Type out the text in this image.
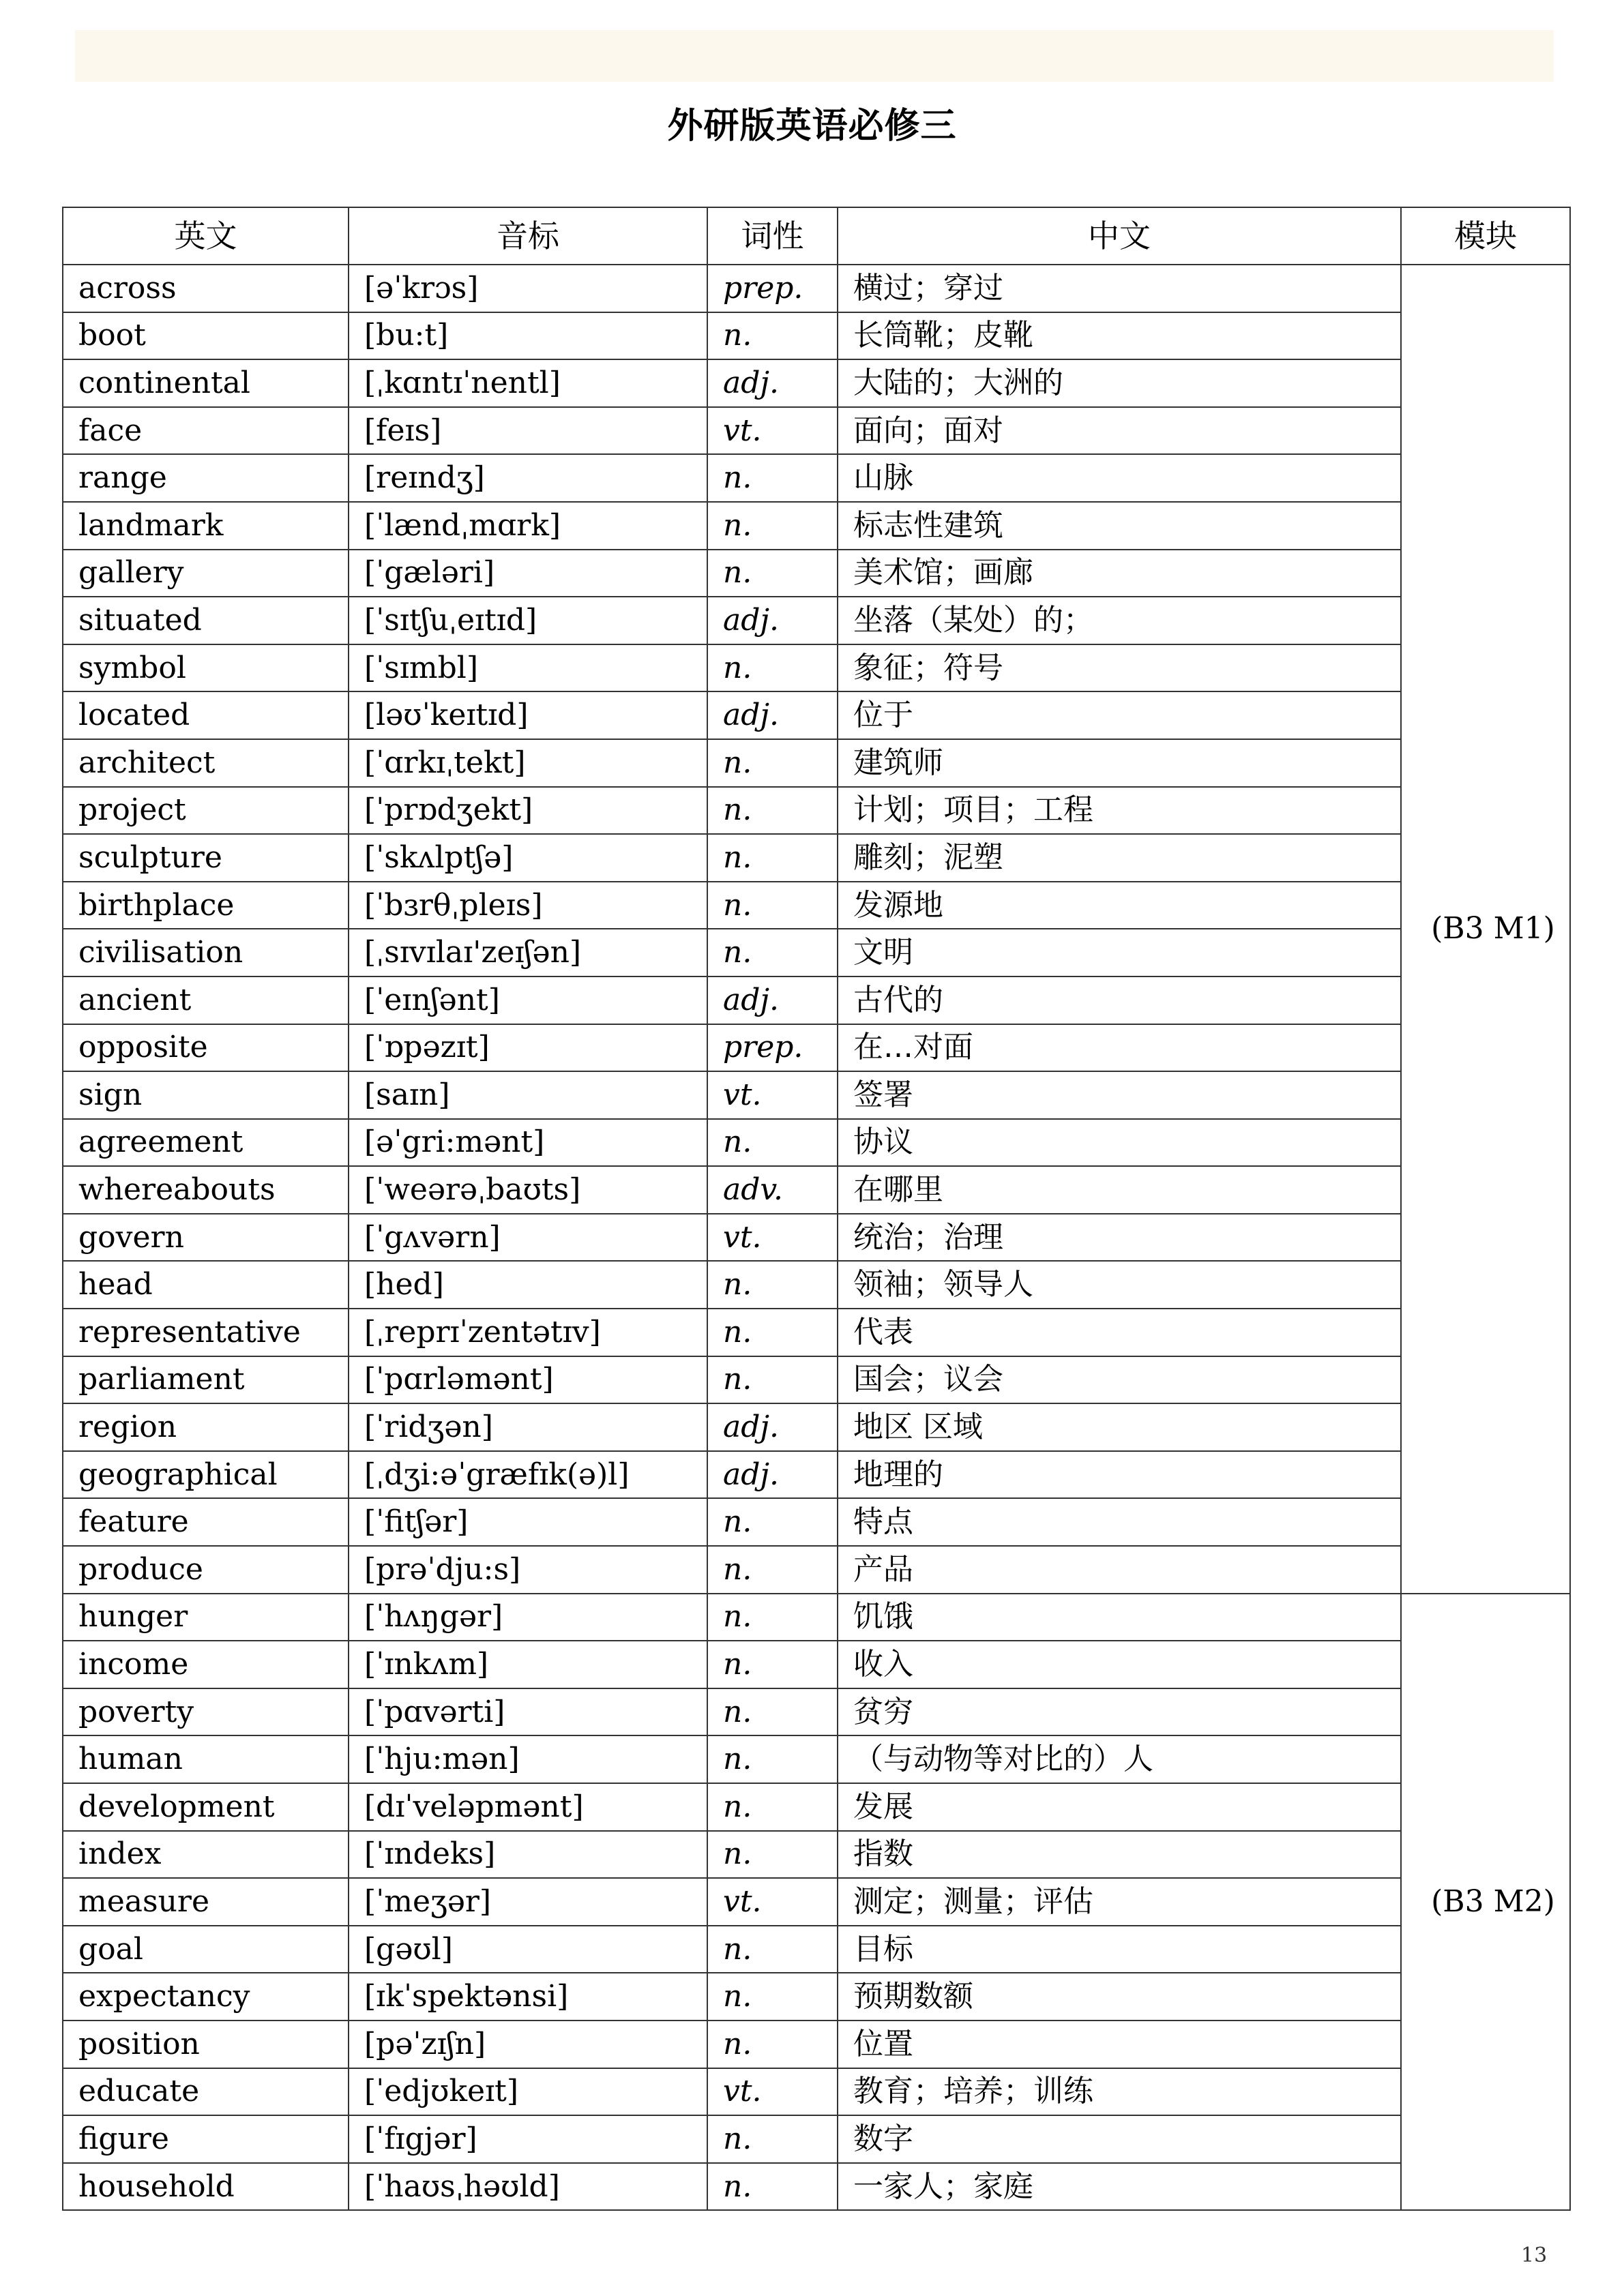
外研版英语必修三
英文	音标	词性	中文	模块
across	[əˈkrɔs]	prep.	横过；穿过	(B3 M1)
boot	[bu:t]	n.	长筒靴；皮靴	
continental	[ˌkɑntɪˈnentl]	adj.	大陆的；大洲的	
face	[feɪs]	vt.	面向；面对	
range	[reɪndʒ]	n.	山脉	
landmark	[ˈlændˌmɑrk]	n.	标志性建筑	
gallery	[ˈgæləri]	n.	美术馆；画廊	
situated	[ˈsɪtʃuˌeɪtɪd]	adj.	坐落（某处）的；	
symbol	[ˈsɪmbl]	n.	象征；符号	
located	[ləʊˈkeɪtɪd]	adj.	位于	
architect	[ˈɑrkɪˌtekt]	n.	建筑师	
project	[ˈprɒdʒekt]	n.	计划；项目；工程	
sculpture	[ˈskʌlptʃə]	n.	雕刻；泥塑	
birthplace	[ˈbɜrθˌpleɪs]	n.	发源地	
civilisation	[ˌsɪvɪlaɪ'zeɪʃən]	n.	文明	
ancient	[ˈeɪnʃənt]	adj.	古代的	
opposite	[ˈɒpəzɪt]	prep.	在…对面	
sign	[saɪn]	vt.	签署	
agreement	[əˈgri:mənt]	n.	协议	
whereabouts	[ˈweərəˌbaʊts]	adv.	在哪里	
govern	[ˈgʌvərn]	vt.	统治；治理	
head	[hed]	n.	领袖；领导人	
representative	[ˌreprɪˈzentətɪv]	n.	代表	
parliament	[ˈpɑrləmənt]	n.	国会；议会	
region	[ˈridʒən]	adj.	地区 区域	
geographical	[ˌdʒi:əˈgræfɪk(ə)l]	adj.	地理的	
feature	[ˈfitʃər]	n.	特点	
produce	[prəˈdju:s]	n.	产品	
hunger	[ˈhʌŋgər]	n.	饥饿	(B3 M2)
income	[ˈɪnkʌm]	n.	收入	
poverty	[ˈpɑvərti]	n.	贫穷	
human	[ˈhju:mən]	n.	（与动物等对比的）人	
development	[dɪˈveləpmənt]	n.	发展	
index	[ˈɪndeks]	n.	指数	
measure	[ˈmeʒər]	vt.	测定；测量；评估	
goal	[gəʊl]	n.	目标	
expectancy	[ɪkˈspektənsi]	n.	预期数额	
position	[pəˈzɪʃn]	n.	位置	
educate	[ˈedjʊkeɪt]	vt.	教育；培养；训练	
figure	[ˈfɪgjər]	n.	数字	
household	[ˈhaʊsˌhəʊld]	n.	一家人；家庭	
13
